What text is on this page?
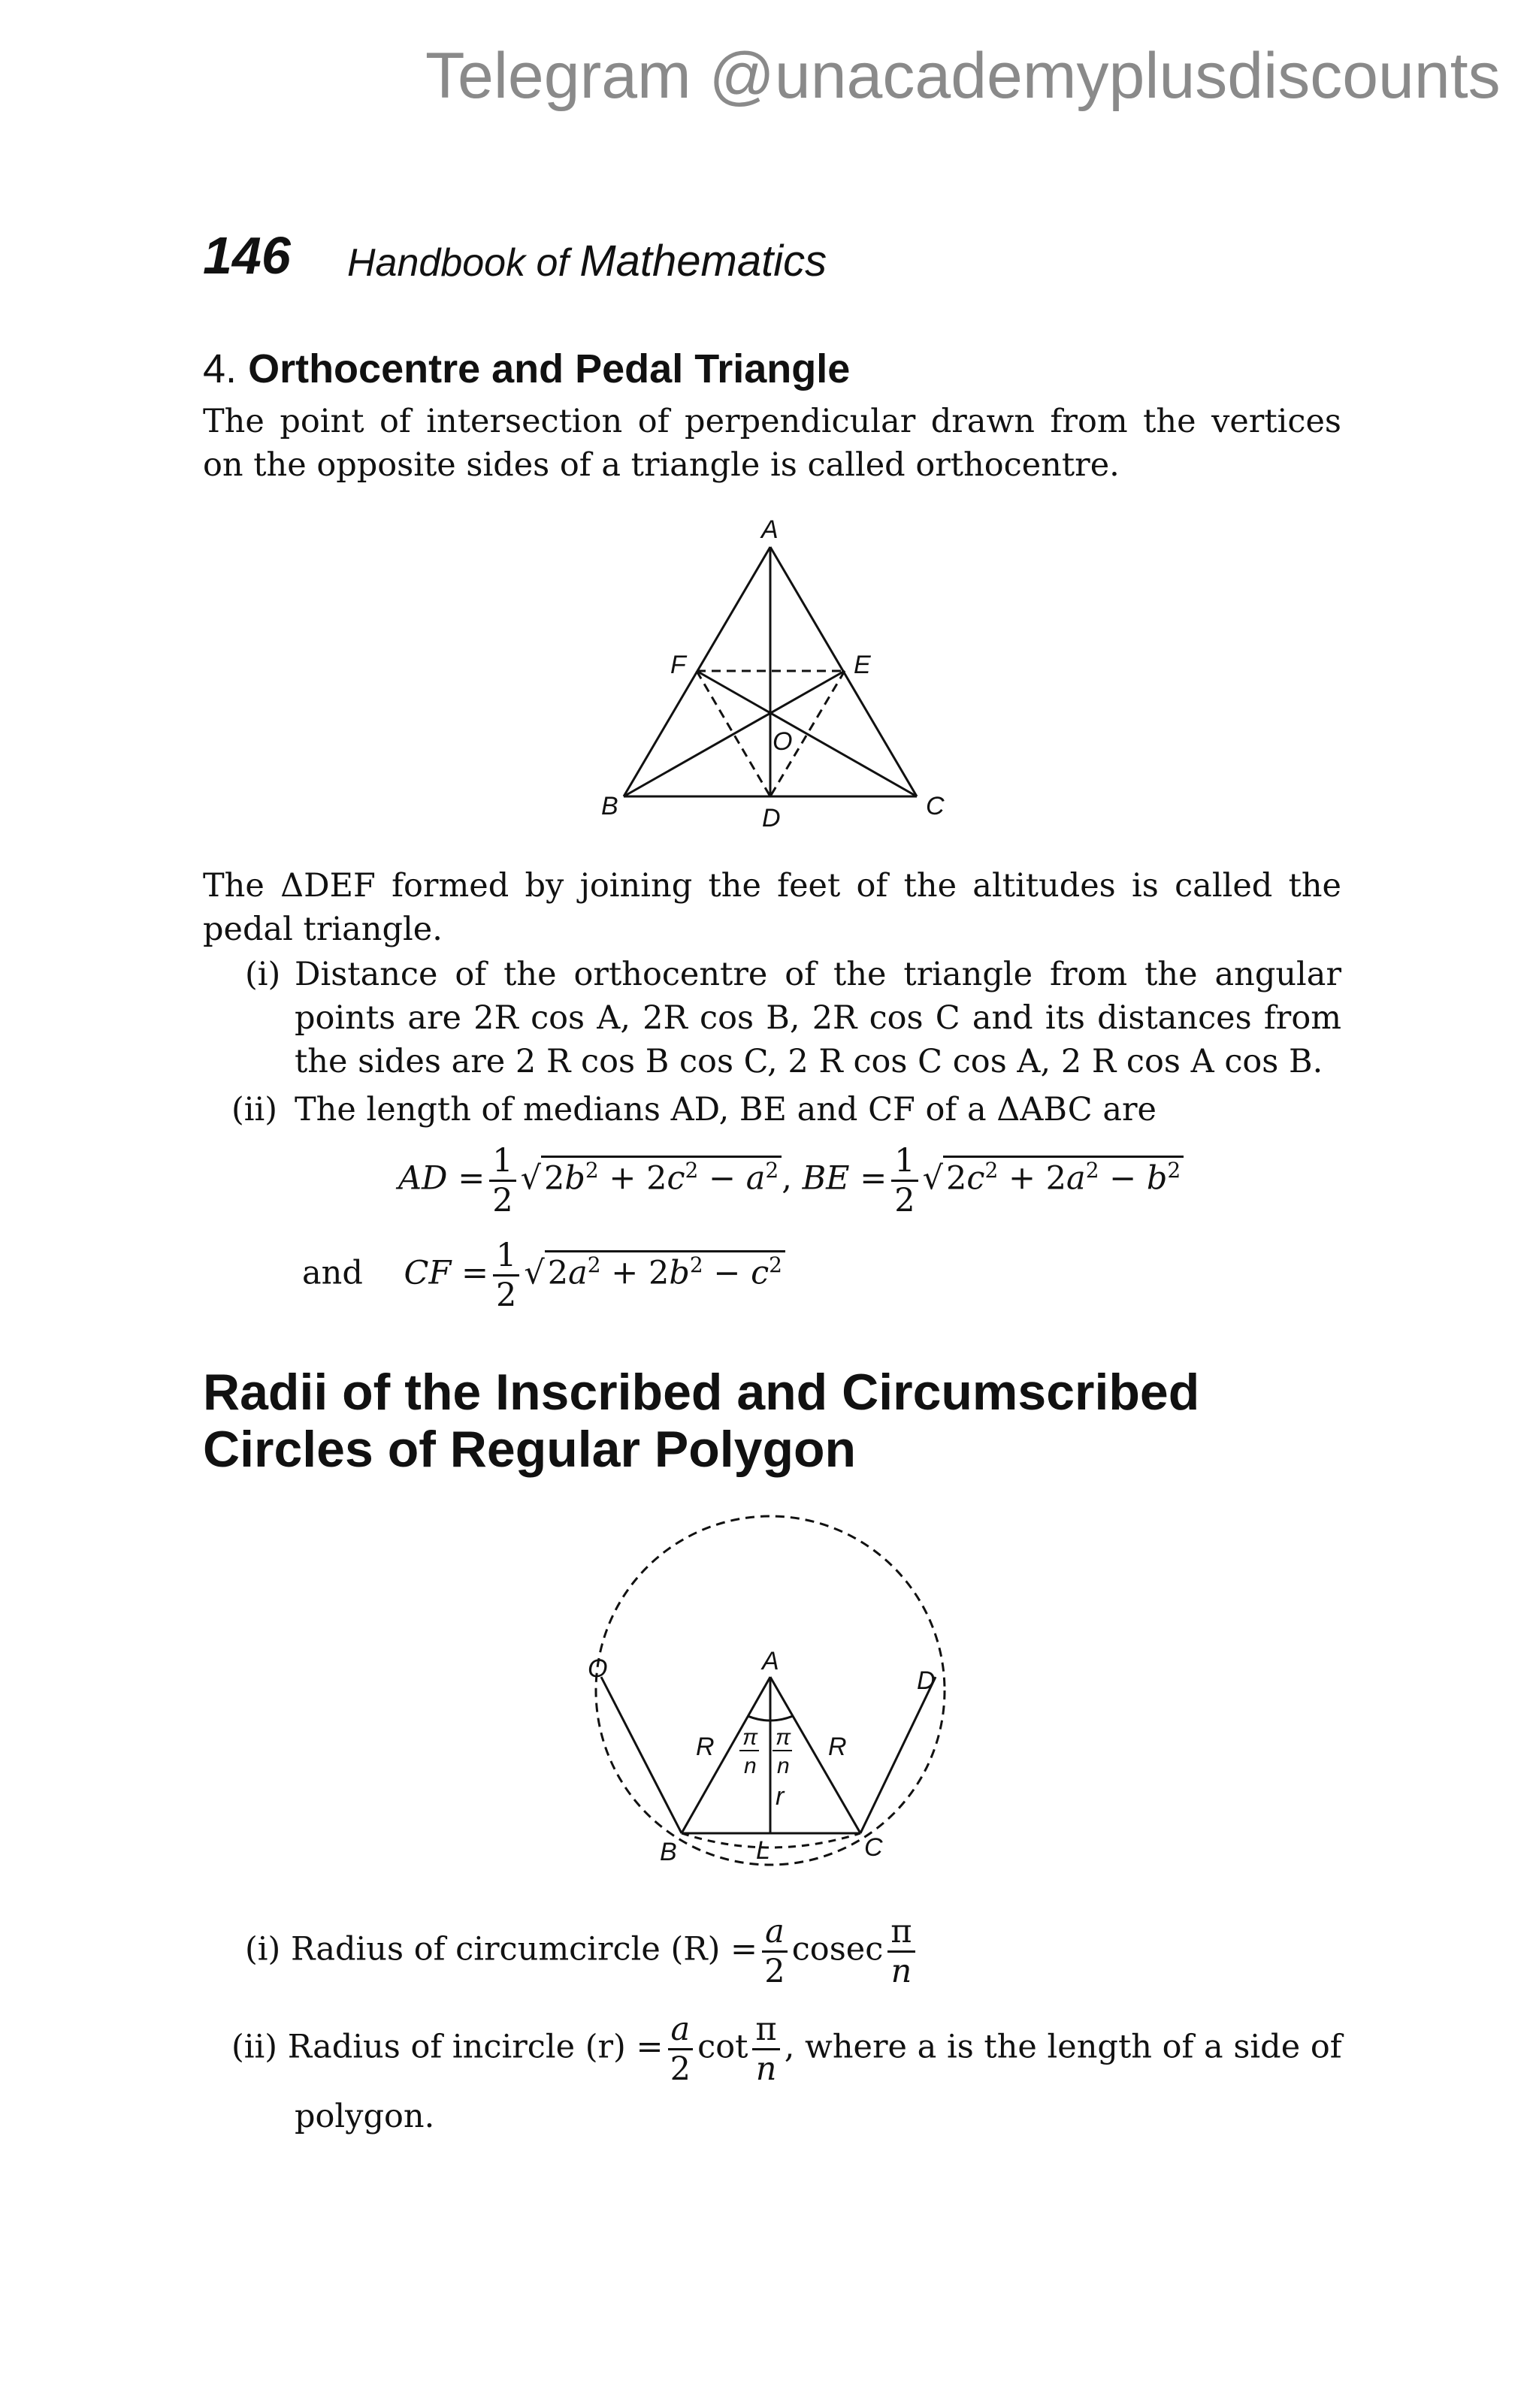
Telegram @unacademyplusdiscounts
146 Handbook of Mathematics
4. Orthocentre and Pedal Triangle
The point of intersection of perpendicular drawn from the vertices on the opposite sides of a triangle is called orthocentre.
A
B	C
D
E
F
O
The ΔDEF formed by joining the feet of the altitudes is called the pedal triangle.
(i) Distance of the orthocentre of the triangle from the angular points are 2R cos A, 2R cos B, 2R cos C and its distances from the sides are 2 R cos B cos C, 2 R cos C cos A, 2 R cos A cos B.
(ii) The length of medians AD, BE and CF of a ΔABC are
AD = $\frac{1}{2} √2b^2 + 2c^2 - a^2$, BE = $\frac{1}{2} √2c^2 + 2a^2 - b^2$
and CF = $\frac{1}{2} √2a^2 + 2b^2 - c^2$
Radii of the Inscribed and Circumscribed
Circles of Regular Polygon
A
B	C
D
O
L
R	R
r
π
n
π
n
(i) Radius of circumcircle $(R) = \frac{a}{2}$ cosec $\frac{\pi}{n}$
(ii) Radius of incircle $(r) = \frac{a}{2}$ $\cot \frac{\pi}{n}$ , where a is the length of a side of
polygon.
